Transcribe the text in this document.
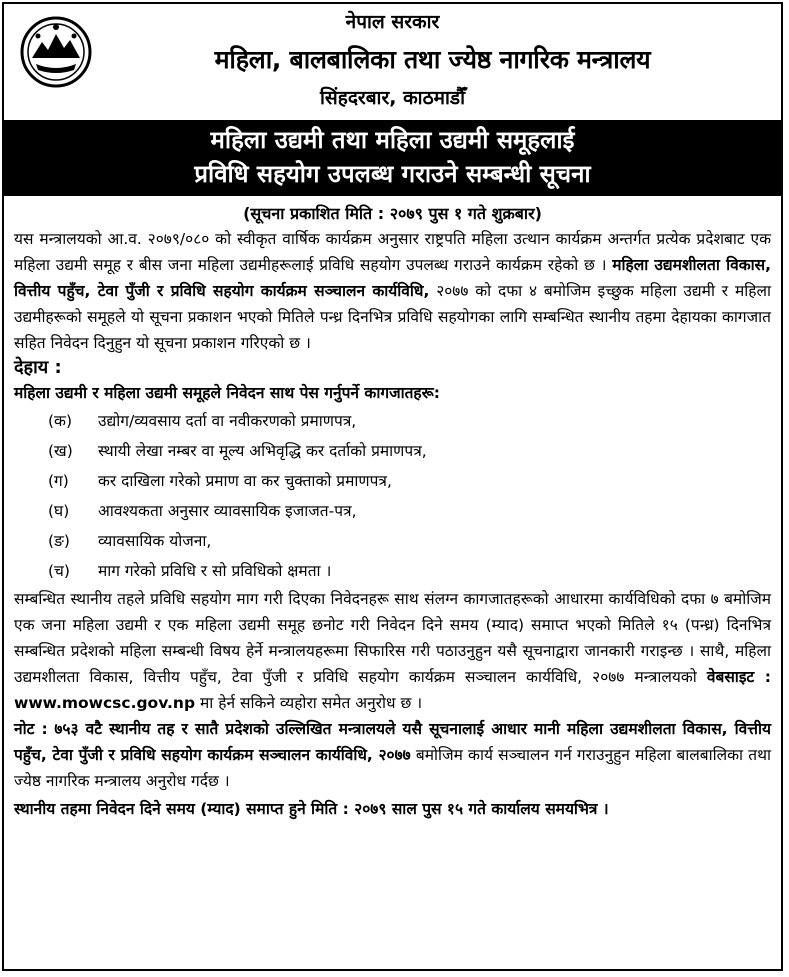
नेपाल सरकार
महिला, बालबालिका तथा ज्येष्ठ नागरिक मन्त्रालय
सिंहदरबार, काठमाडौँ
महिला उद्यमी तथा महिला उद्यमी समूहलाई
प्रविधि सहयोग उपलब्ध गराउने सम्बन्धी सूचना
(सूचना प्रकाशित मिति : २०७९ पुस १ गते शुक्रबार)
यस मन्त्रालयको आ.व. २०७९/०८० को स्वीकृत वार्षिक कार्यक्रम अनुसार राष्ट्रपति महिला उत्थान कार्यक्रम अन्तर्गत प्रत्येक प्रदेशबाट एक महिला उद्यमी समूह र बीस जना महिला उद्यमीहरूलाई प्रविधि सहयोग उपलब्ध गराउने कार्यक्रम रहेको छ । महिला उद्यमशीलता विकास, वित्तीय पहुँच, टेवा पुँजी र प्रविधि सहयोग कार्यक्रम सञ्चालन कार्यविधि, २०७७ को दफा ४ बमोजिम इच्छुक महिला उद्यमी र महिला उद्यमीहरूको समूहले यो सूचना प्रकाशन भएको मितिले पन्ध्र दिनभित्र प्रविधि सहयोगका लागि सम्बन्धित स्थानीय तहमा देहायका कागजात सहित निवेदन दिनुहुन यो सूचना प्रकाशन गरिएको छ ।
देहाय :
महिला उद्यमी र महिला उद्यमी समूहले निवेदन साथ पेस गर्नुपर्ने कागजातहरू:
(क)	उद्योग/व्यवसाय दर्ता वा नवीकरणको प्रमाणपत्र,
(ख)	स्थायी लेखा नम्बर वा मूल्य अभिवृद्धि कर दर्ताको प्रमाणपत्र,
(ग)	कर दाखिला गरेको प्रमाण वा कर चुक्ताको प्रमाणपत्र,
(घ)	आवश्यकता अनुसार व्यावसायिक इजाजत-पत्र,
(ङ)	व्यावसायिक योजना,
(च)	माग गरेको प्रविधि र सो प्रविधिको क्षमता ।
सम्बन्धित स्थानीय तहले प्रविधि सहयोग माग गरी दिएका निवेदनहरू साथ संलग्न कागजातहरूको आधारमा कार्यविधिको दफा ७ बमोजिम एक जना महिला उद्यमी र एक महिला उद्यमी समूह छनोट गरी निवेदन दिने समय (म्याद) समाप्त भएको मितिले १५ (पन्ध्र) दिनभित्र सम्बन्धित प्रदेशको महिला सम्बन्धी विषय हेर्ने मन्त्रालयहरूमा सिफारिस गरी पठाउनुहुन यसै सूचनाद्वारा जानकारी गराइन्छ । साथै, महिला उद्यमशीलता विकास, वित्तीय पहुँच, टेवा पुँजी र प्रविधि सहयोग कार्यक्रम सञ्चालन कार्यविधि, २०७७ मन्त्रालयको वेबसाइट : www.mowcsc.gov.np मा हेर्न सकिने व्यहोरा समेत अनुरोध छ ।
नोट : ७५३ वटै स्थानीय तह र सातै प्रदेशको उल्लिखित मन्त्रालयले यसै सूचनालाई आधार मानी महिला उद्यमशीलता विकास, वित्तीय पहुँच, टेवा पुँजी र प्रविधि सहयोग कार्यक्रम सञ्चालन कार्यविधि, २०७७ बमोजिम कार्य सञ्चालन गर्न गराउनुहुन महिला बालबालिका तथा ज्येष्ठ नागरिक मन्त्रालय अनुरोध गर्दछ ।
स्थानीय तहमा निवेदन दिने समय (म्याद) समाप्त हुने मिति : २०७९ साल पुस १५ गते कार्यालय समयभित्र ।
